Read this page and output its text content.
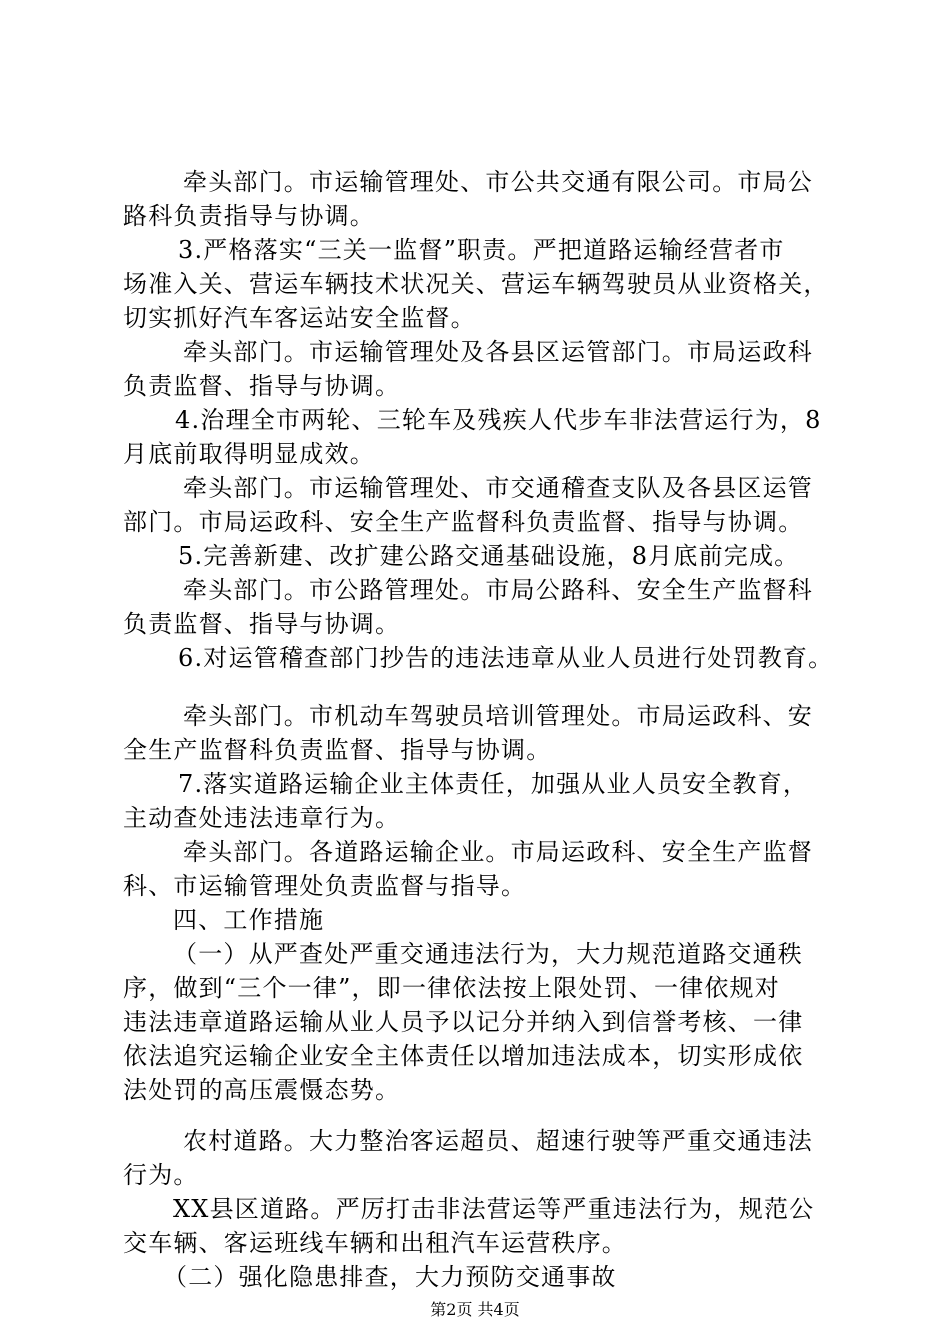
牵头部门。市运输管理处、市公共交通有限公司。市局公

路科负责指导与协调。

3.严格落实“三关一监督”职责。严把道路运输经营者市

场准入关、营运车辆技术状况关、营运车辆驾驶员从业资格关，

切实抓好汽车客运站安全监督。

牵头部门。市运输管理处及各县区运管部门。市局运政科

负责监督、指导与协调。

4.治理全市两轮、三轮车及残疾人代步车非法营运行为，8

月底前取得明显成效。

牵头部门。市运输管理处、市交通稽查支队及各县区运管

部门。市局运政科、安全生产监督科负责监督、指导与协调。

5.完善新建、改扩建公路交通基础设施，8月底前完成。

牵头部门。市公路管理处。市局公路科、安全生产监督科

负责监督、指导与协调。

6.对运管稽查部门抄告的违法违章从业人员进行处罚教育。

牵头部门。市机动车驾驶员培训管理处。市局运政科、安

全生产监督科负责监督、指导与协调。

7.落实道路运输企业主体责任，加强从业人员安全教育，

主动查处违法违章行为。

牵头部门。各道路运输企业。市局运政科、安全生产监督

科、市运输管理处负责监督与指导。

四、工作措施

（一）从严查处严重交通违法行为，大力规范道路交通秩

序，做到“三个一律”，即一律依法按上限处罚、一律依规对

违法违章道路运输从业人员予以记分并纳入到信誉考核、一律

依法追究运输企业安全主体责任以增加违法成本，切实形成依

法处罚的高压震慑态势。

农村道路。大力整治客运超员、超速行驶等严重交通违法

行为。

XX县区道路。严厉打击非法营运等严重违法行为，规范公

交车辆、客运班线车辆和出租汽车运营秩序。

（二）强化隐患排查，大力预防交通事故

第2页 共4页
